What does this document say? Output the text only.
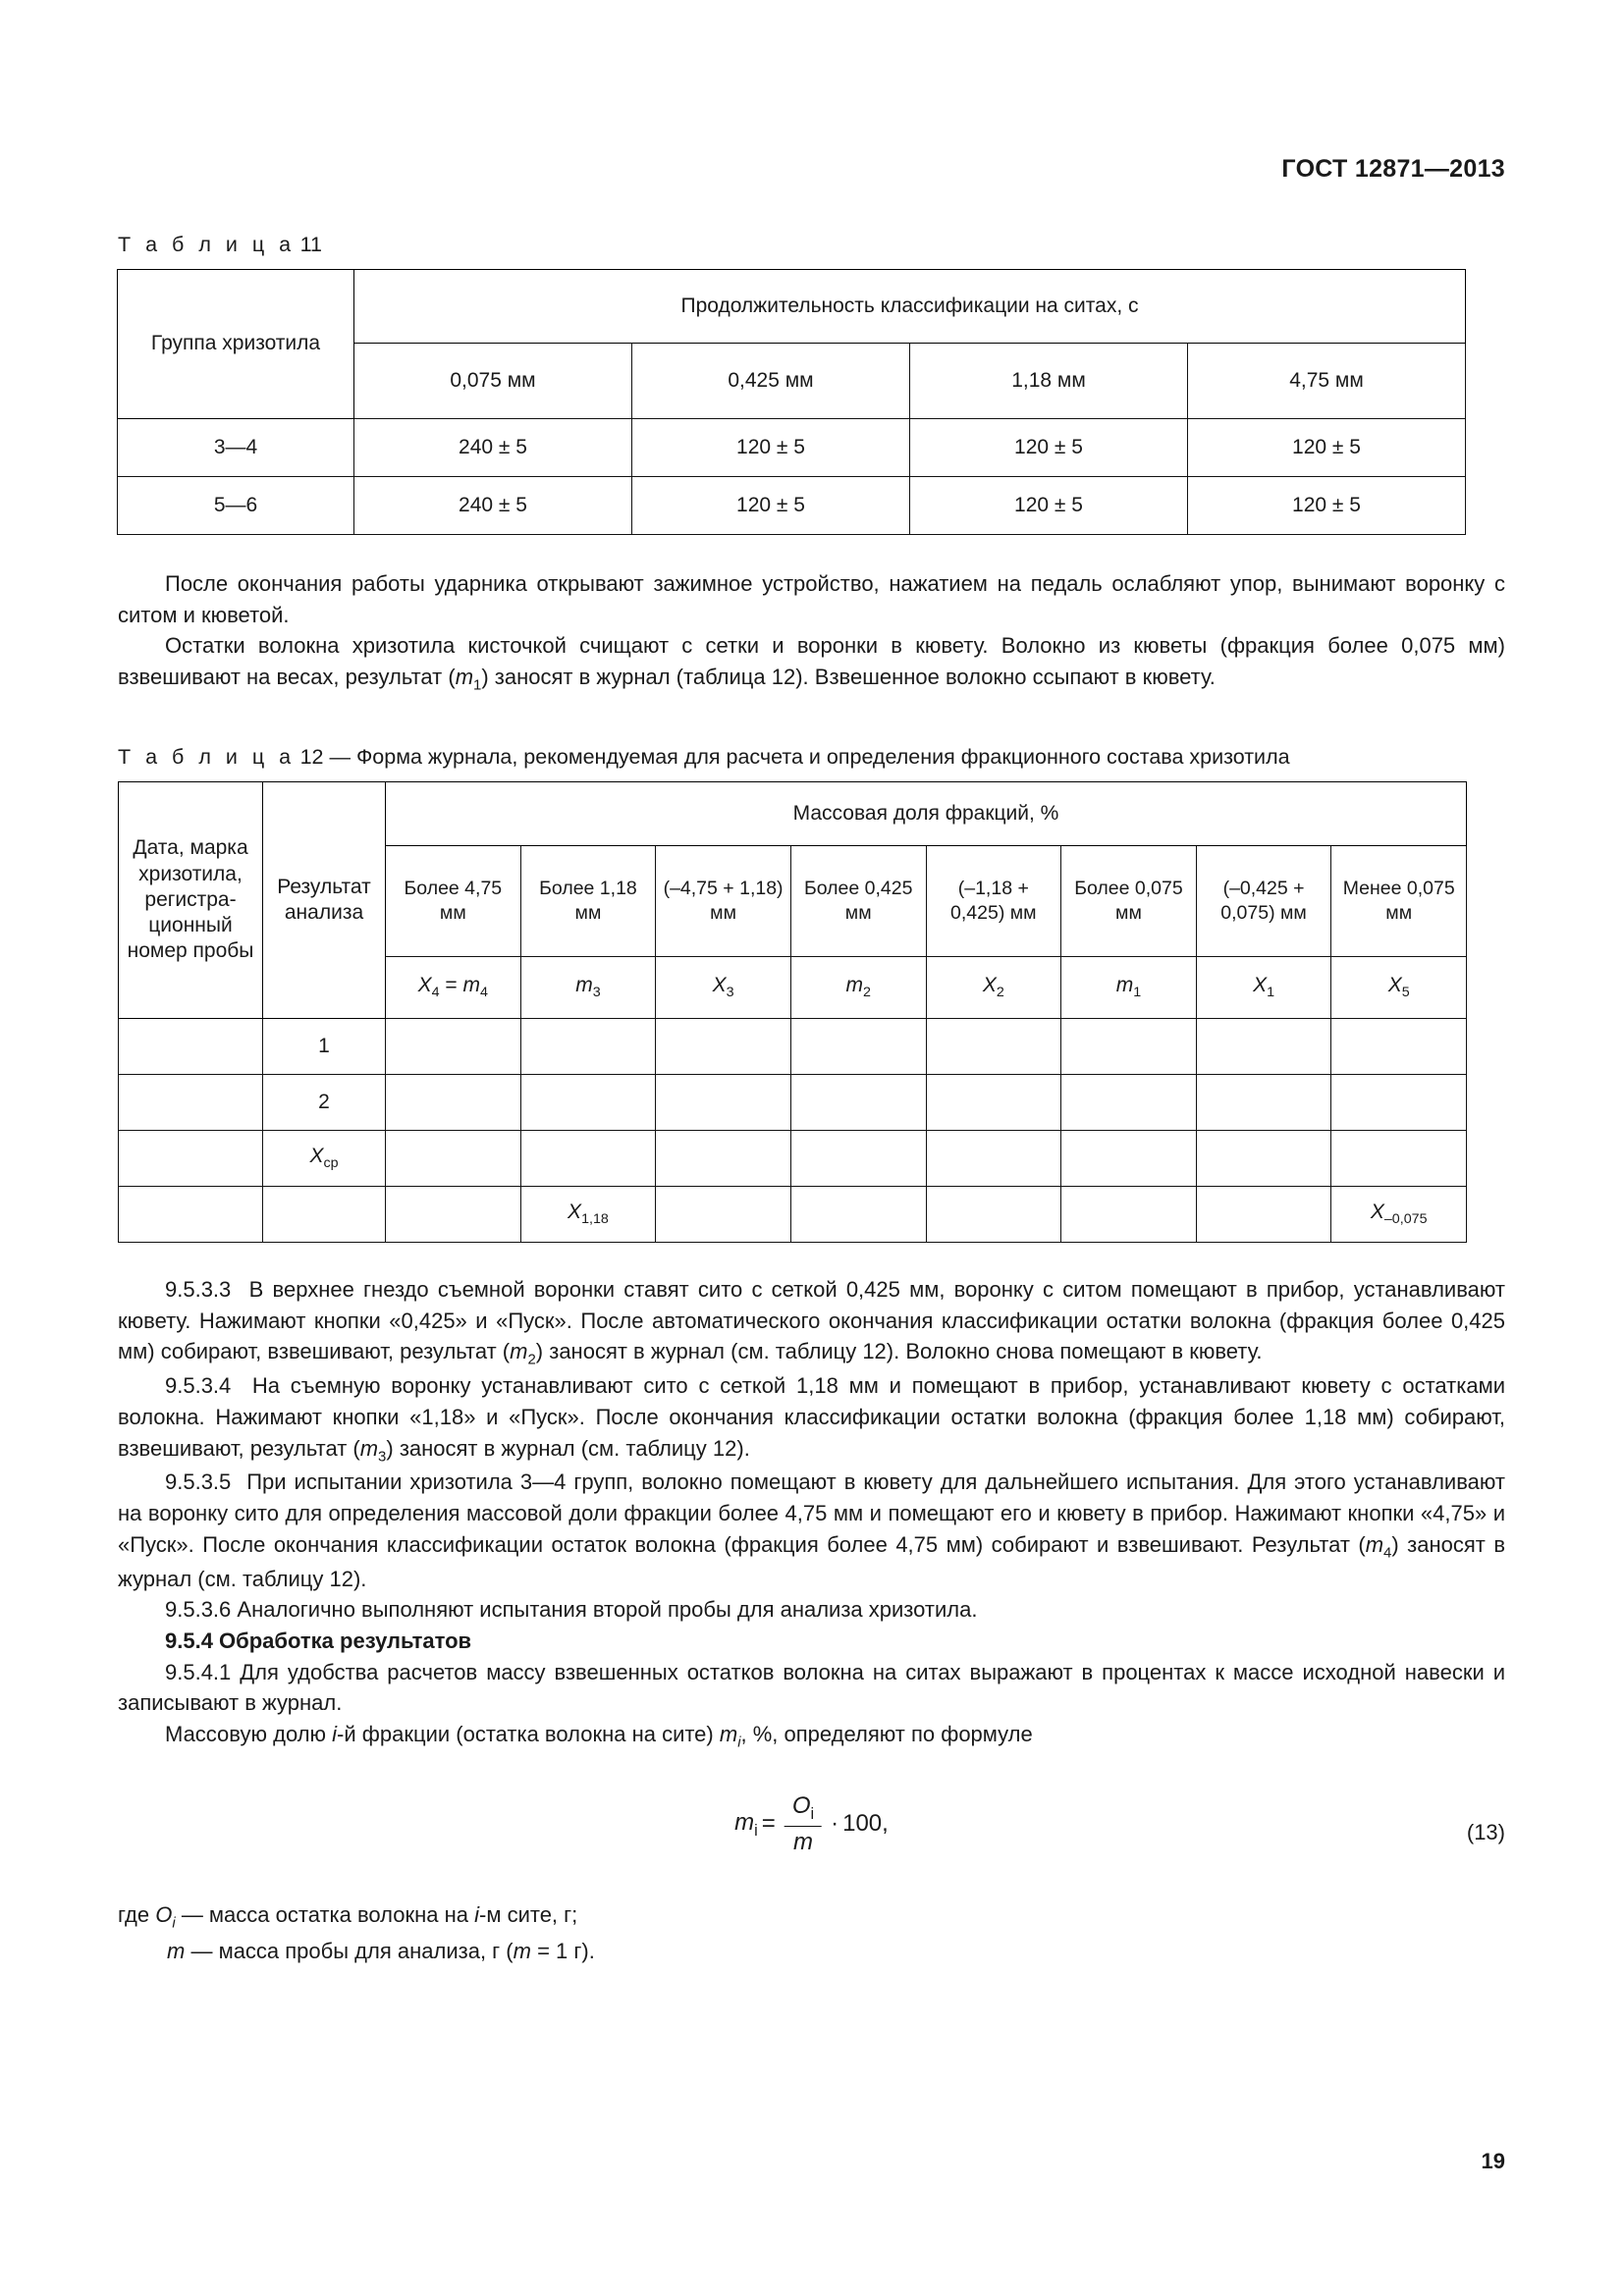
ГОСТ 12871—2013
Т а б л и ц а 11
Группа хризотила	Продолжительность классификации на ситах, с			
	0,075 мм	0,425 мм	1,18 мм	4,75 мм
3—4	240 ± 5	120 ± 5	120 ± 5	120 ± 5
5—6	240 ± 5	120 ± 5	120 ± 5	120 ± 5

После окончания работы ударника открывают зажимное устройство, нажатием на педаль ослабляют упор, вынимают воронку с ситом и кюветой.

Остатки волокна хризотила кисточкой счищают с сетки и воронки в кювету. Волокно из кюветы (фракция более 0,075 мм) взвешивают на весах, результат $(m_1)$ заносят в журнал (таблица 12). Взвешенное волокно ссыпают в кювету.

Т а б л и ц а 12 — Форма журнала, рекомендуемая для расчета и определения фракционного состава хризотила
Дата, марка хризотила, регистра- ционный номер пробы	Результат анализа	Массовая доля фракций, %							
		Более 4,75 мм	Более 1,18 мм	(–4,75 + 1,18) мм	Более 0,425 мм	(–1,18 + 0,425) мм	Более 0,075 мм	(–0,425 + 0,075) мм	Менее 0,075 мм
		$X_4 = m_4$	$m_3$	$X_3$	$m_2$	$X_2$	$m_1$	$X_1$	$X_5$
	1								
	2								
	$X_{ср}$								
			$X_{1,18}$						$X_{-0,075}$

9.5.3.3  В верхнее гнездо съемной воронки ставят сито с сеткой 0,425 мм, воронку с ситом помещают в прибор, устанавливают кювету. Нажимают кнопки «0,425» и «Пуск». После автоматического окончания классификации остатки волокна (фракция более 0,425 мм) собирают, взвешивают, результат $(m_2)$ заносят в журнал (см. таблицу 12). Волокно снова помещают в кювету.

9.5.3.4  На съемную воронку устанавливают сито с сеткой 1,18 мм и помещают в прибор, устанавливают кювету с остатками волокна. Нажимают кнопки «1,18» и «Пуск». После окончания классификации остатки волокна (фракция более 1,18 мм) собирают, взвешивают, результат $(m_3)$ заносят в журнал (см. таблицу 12).

9.5.3.5  При испытании хризотила 3—4 групп, волокно помещают в кювету для дальнейшего испытания. Для этого устанавливают на воронку сито для определения массовой доли фракции более 4,75 мм и помещают его и кювету в прибор. Нажимают кнопки «4,75» и «Пуск». После окончания классификации остаток волокна (фракция более 4,75 мм) собирают и взвешивают. Результат $(m_4)$ заносят в журнал (см. таблицу 12).

9.5.3.6 Аналогично выполняют испытания второй пробы для анализа хризотила.

9.5.4 Обработка результатов

9.5.4.1 Для удобства расчетов массу взвешенных остатков волокна на ситах выражают в процентах к массе исходной навески и записывают в журнал.

Массовую долю i-й фракции (остатка волокна на сите) $m_i$, %, определяют по формуле

$m_i = \frac{O_i}{m} \cdot 100$,	(13)
где $O_i$ — масса остатка волокна на i-м сите, г;
m — масса пробы для анализа, г (m = 1 г).
19
